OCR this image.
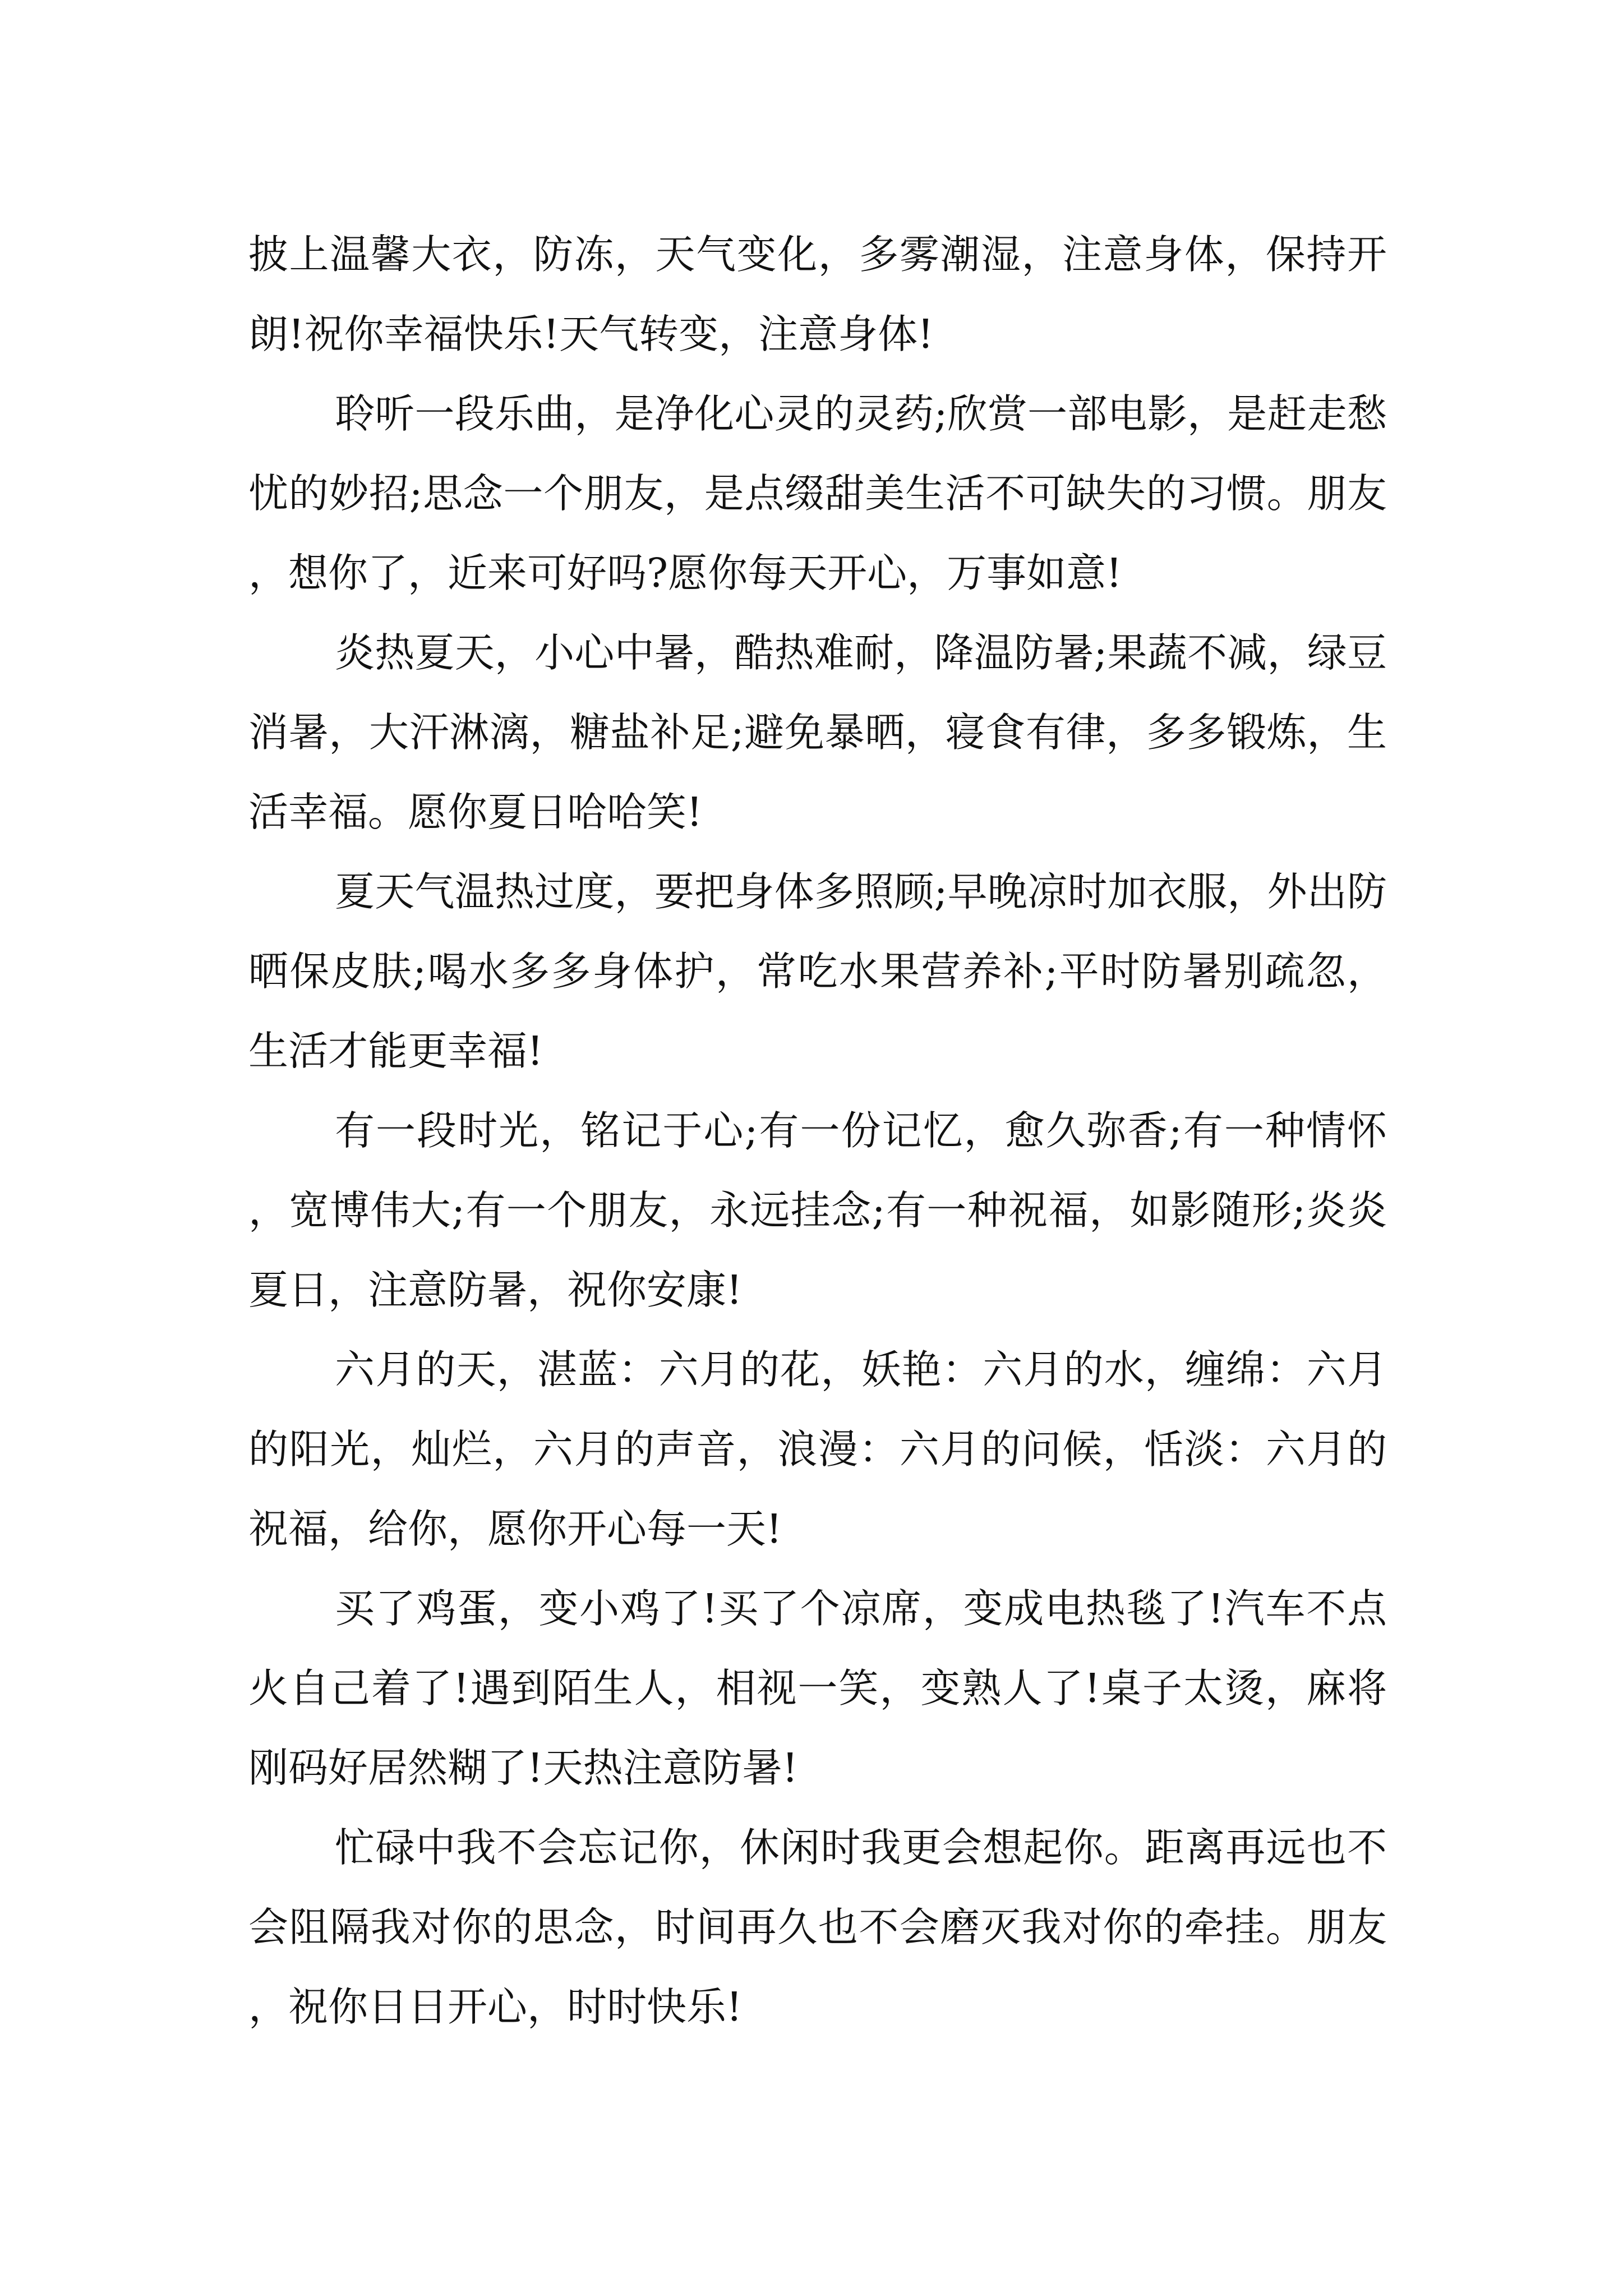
披上温馨大衣，防冻，天气变化，多雾潮湿，注意身体，保持开朗!祝你幸福快乐!天气转变，注意身体!

聆听一段乐曲，是净化心灵的灵药;欣赏一部电影，是赶走愁忧的妙招;思念一个朋友，是点缀甜美生活不可缺失的习惯。朋友，想你了，近来可好吗?愿你每天开心，万事如意!

炎热夏天，小心中暑，酷热难耐，降温防暑;果蔬不减，绿豆消暑，大汗淋漓，糖盐补足;避免暴晒，寝食有律，多多锻炼，生活幸福。愿你夏日哈哈笑!

夏天气温热过度，要把身体多照顾;早晚凉时加衣服，外出防晒保皮肤;喝水多多身体护，常吃水果营养补;平时防暑别疏忽，生活才能更幸福!

有一段时光，铭记于心;有一份记忆，愈久弥香;有一种情怀，宽博伟大;有一个朋友，永远挂念;有一种祝福，如影随形;炎炎夏日，注意防暑，祝你安康!

六月的天，湛蓝：六月的花，妖艳：六月的水，缠绵：六月的阳光，灿烂，六月的声音，浪漫：六月的问候，恬淡：六月的祝福，给你，愿你开心每一天!

买了鸡蛋，变小鸡了!买了个凉席，变成电热毯了!汽车不点火自己着了!遇到陌生人，相视一笑，变熟人了!桌子太烫，麻将刚码好居然糊了!天热注意防暑!

忙碌中我不会忘记你，休闲时我更会想起你。距离再远也不会阻隔我对你的思念，时间再久也不会磨灭我对你的牵挂。朋友，祝你日日开心，时时快乐!
